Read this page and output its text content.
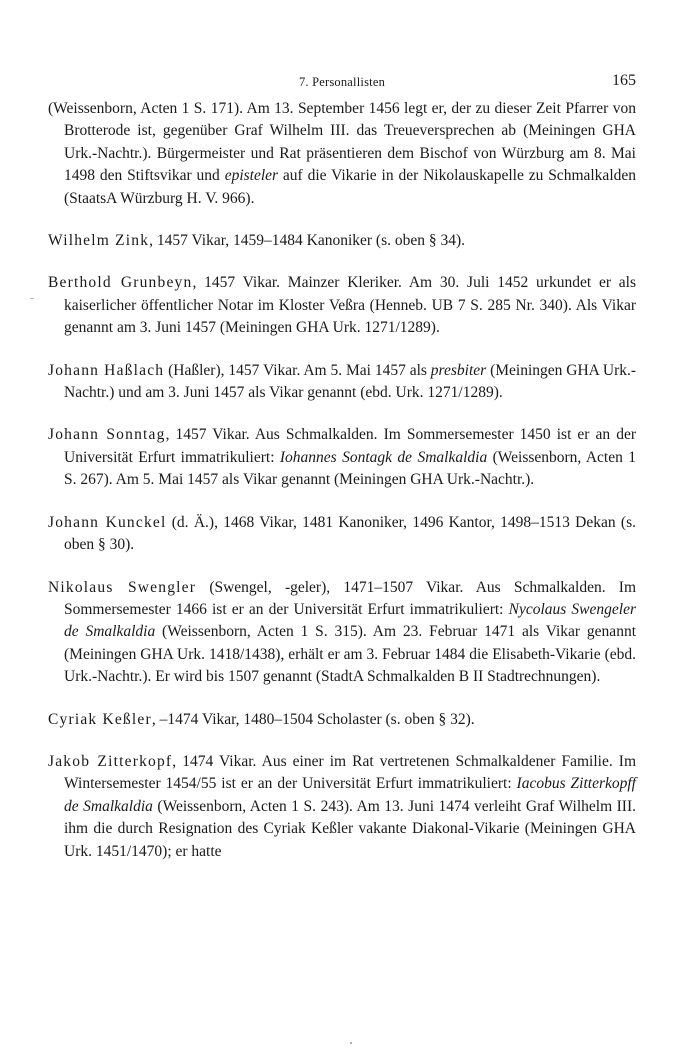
7. Personallisten	165

(Weissenborn, Acten 1 S. 171). Am 13. September 1456 legt er, der zu dieser Zeit Pfarrer von Brotterode ist, gegenüber Graf Wilhelm III. das Treueversprechen ab (Meiningen GHA Urk.-Nachtr.). Bürgermeister und Rat präsentieren dem Bischof von Würzburg am 8. Mai 1498 den Stiftsvikar und episteler auf die Vikarie in der Nikolauskapelle zu Schmalkalden (StaatsA Würzburg H. V. 966).

Wilhelm Zink, 1457 Vikar, 1459–1484 Kanoniker (s. oben § 34).

Berthold Grunbeyn, 1457 Vikar. Mainzer Kleriker. Am 30. Juli 1452 urkundet er als kaiserlicher öffentlicher Notar im Kloster Veßra (Henneb. UB 7 S. 285 Nr. 340). Als Vikar genannt am 3. Juni 1457 (Meiningen GHA Urk. 1271/1289).

Johann Haßlach (Haßler), 1457 Vikar. Am 5. Mai 1457 als presbiter (Meiningen GHA Urk.-Nachtr.) und am 3. Juni 1457 als Vikar genannt (ebd. Urk. 1271/1289).

Johann Sonntag, 1457 Vikar. Aus Schmalkalden. Im Sommersemester 1450 ist er an der Universität Erfurt immatrikuliert: Iohannes Sontagk de Smalkaldia (Weissenborn, Acten 1 S. 267). Am 5. Mai 1457 als Vikar genannt (Meiningen GHA Urk.-Nachtr.).

Johann Kunckel (d. Ä.), 1468 Vikar, 1481 Kanoniker, 1496 Kantor, 1498–1513 Dekan (s. oben § 30).

Nikolaus Swengler (Swengel, -geler), 1471–1507 Vikar. Aus Schmalkalden. Im Sommersemester 1466 ist er an der Universität Erfurt immatrikuliert: Nycolaus Swengeler de Smalkaldia (Weissenborn, Acten 1 S. 315). Am 23. Februar 1471 als Vikar genannt (Meiningen GHA Urk. 1418/1438), erhält er am 3. Februar 1484 die Elisabeth-Vikarie (ebd. Urk.-Nachtr.). Er wird bis 1507 genannt (StadtA Schmalkalden B II Stadtrechnungen).

Cyriak Keßler, –1474 Vikar, 1480–1504 Scholaster (s. oben § 32).

Jakob Zitterkopf, 1474 Vikar. Aus einer im Rat vertretenen Schmalkaldener Familie. Im Wintersemester 1454/55 ist er an der Universität Erfurt immatrikuliert: Iacobus Zitterkopff de Smalkaldia (Weissenborn, Acten 1 S. 243). Am 13. Juni 1474 verleiht Graf Wilhelm III. ihm die durch Resignation des Cyriak Keßler vakante Diakonal-Vikarie (Meiningen GHA Urk. 1451/1470); er hatte
